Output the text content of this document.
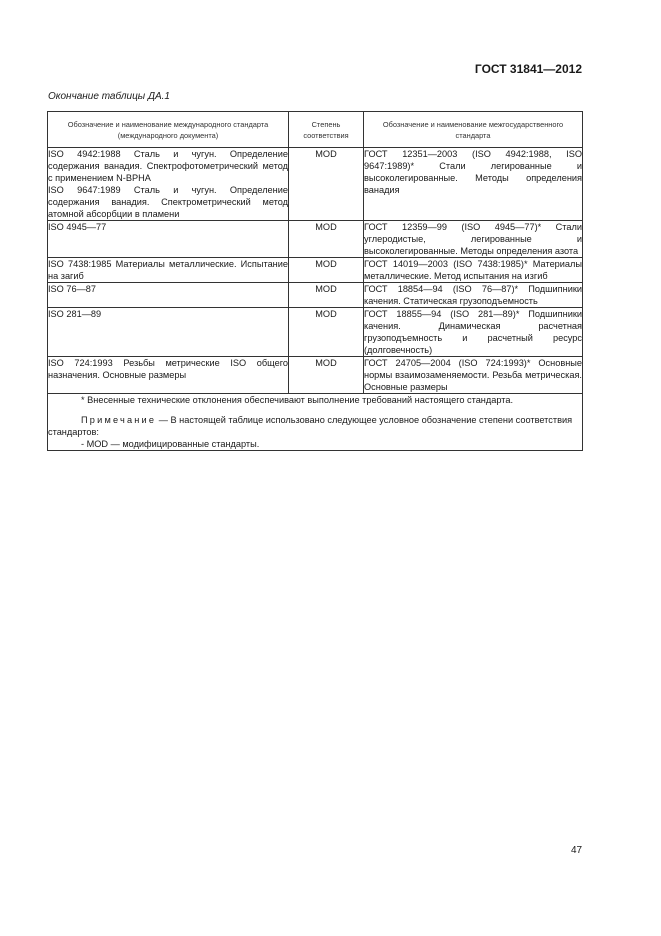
ГОСТ 31841—2012
Окончание таблицы ДА.1
Обозначение и наименование международного стандарта (международного документа)	Степень соответствия	Обозначение и наименование межгосударственного стандарта
ISO 4942:1988 Сталь и чугун. Определение содержания ванадия. Спектрофотометрический метод с применением N-BPHA
ISO 9647:1989 Сталь и чугун. Определение содержания ванадия. Спектрометрический метод атомной абсорбции в пламени	MOD	ГОСТ 12351—2003 (ISO 4942:1988, ISO 9647:1989)* Стали легированные и высоколегированные. Методы определения ванадия
ISO 4945—77	MOD	ГОСТ 12359—99 (ISO 4945—77)* Стали углеродистые, легированные и высоколегированные. Методы определения азота
ISO 7438:1985 Материалы металлические. Испытание на загиб	MOD	ГОСТ 14019—2003 (ISO 7438:1985)* Материалы металлические. Метод испытания на изгиб
ISO 76—87	MOD	ГОСТ 18854—94 (ISO 76—87)* Подшипники качения. Статическая грузоподъемность
ISO 281—89	MOD	ГОСТ 18855—94 (ISO 281—89)* Подшипники качения. Динамическая расчетная грузоподъемность и расчетный ресурс (долговечность)
ISO 724:1993 Резьбы метрические ISO общего назначения. Основные размеры	MOD	ГОСТ 24705—2004 (ISO 724:1993)* Основные нормы взаимозаменяемости. Резьба метрическая. Основные размеры

* Внесенные технические отклонения обеспечивают выполнение требований настоящего стандарта.
Примечание — В настоящей таблице использовано следующее условное обозначение степени соответствия стандартов:
- MOD — модифицированные стандарты.		
47
